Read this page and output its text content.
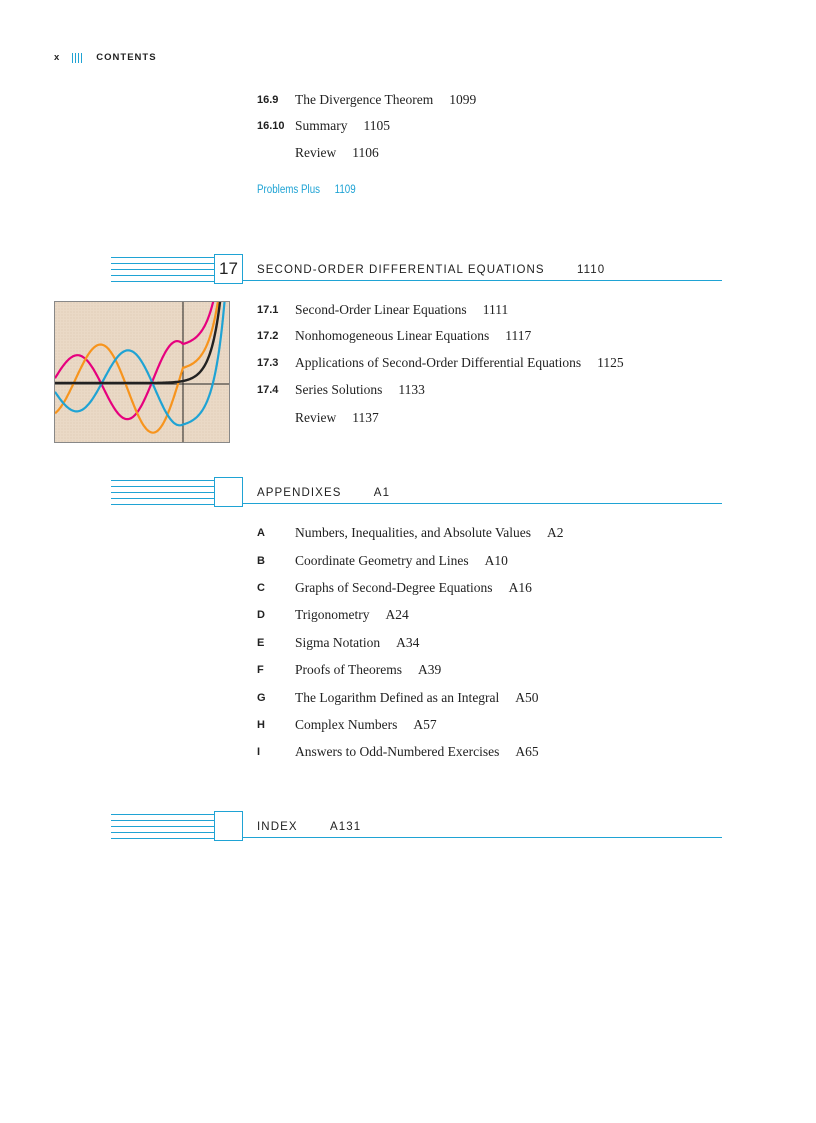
x	CONTENTS
16.9	The Divergence Theorem 1099
16.10 Summary 1105
Review 1106
Problems Plus 1109
17 SECOND-ORDER DIFFERENTIAL EQUATIONS	1110
17.1	Second-Order Linear Equations 1111
17.2	Nonhomogeneous Linear Equations 1117
17.3	Applications of Second-Order Differential Equations 1125
17.4	Series Solutions 1133
Review 1137
APPENDIXES	A1
A	Numbers, Inequalities, and Absolute Values A2
B	Coordinate Geometry and Lines A10
C	Graphs of Second-Degree Equations A16
D	Trigonometry A24
E	Sigma Notation A34
F	Proofs of Theorems A39
G	The Logarithm Defined as an Integral A50
H	Complex Numbers A57
I	Answers to Odd-Numbered Exercises A65
INDEX	A131
